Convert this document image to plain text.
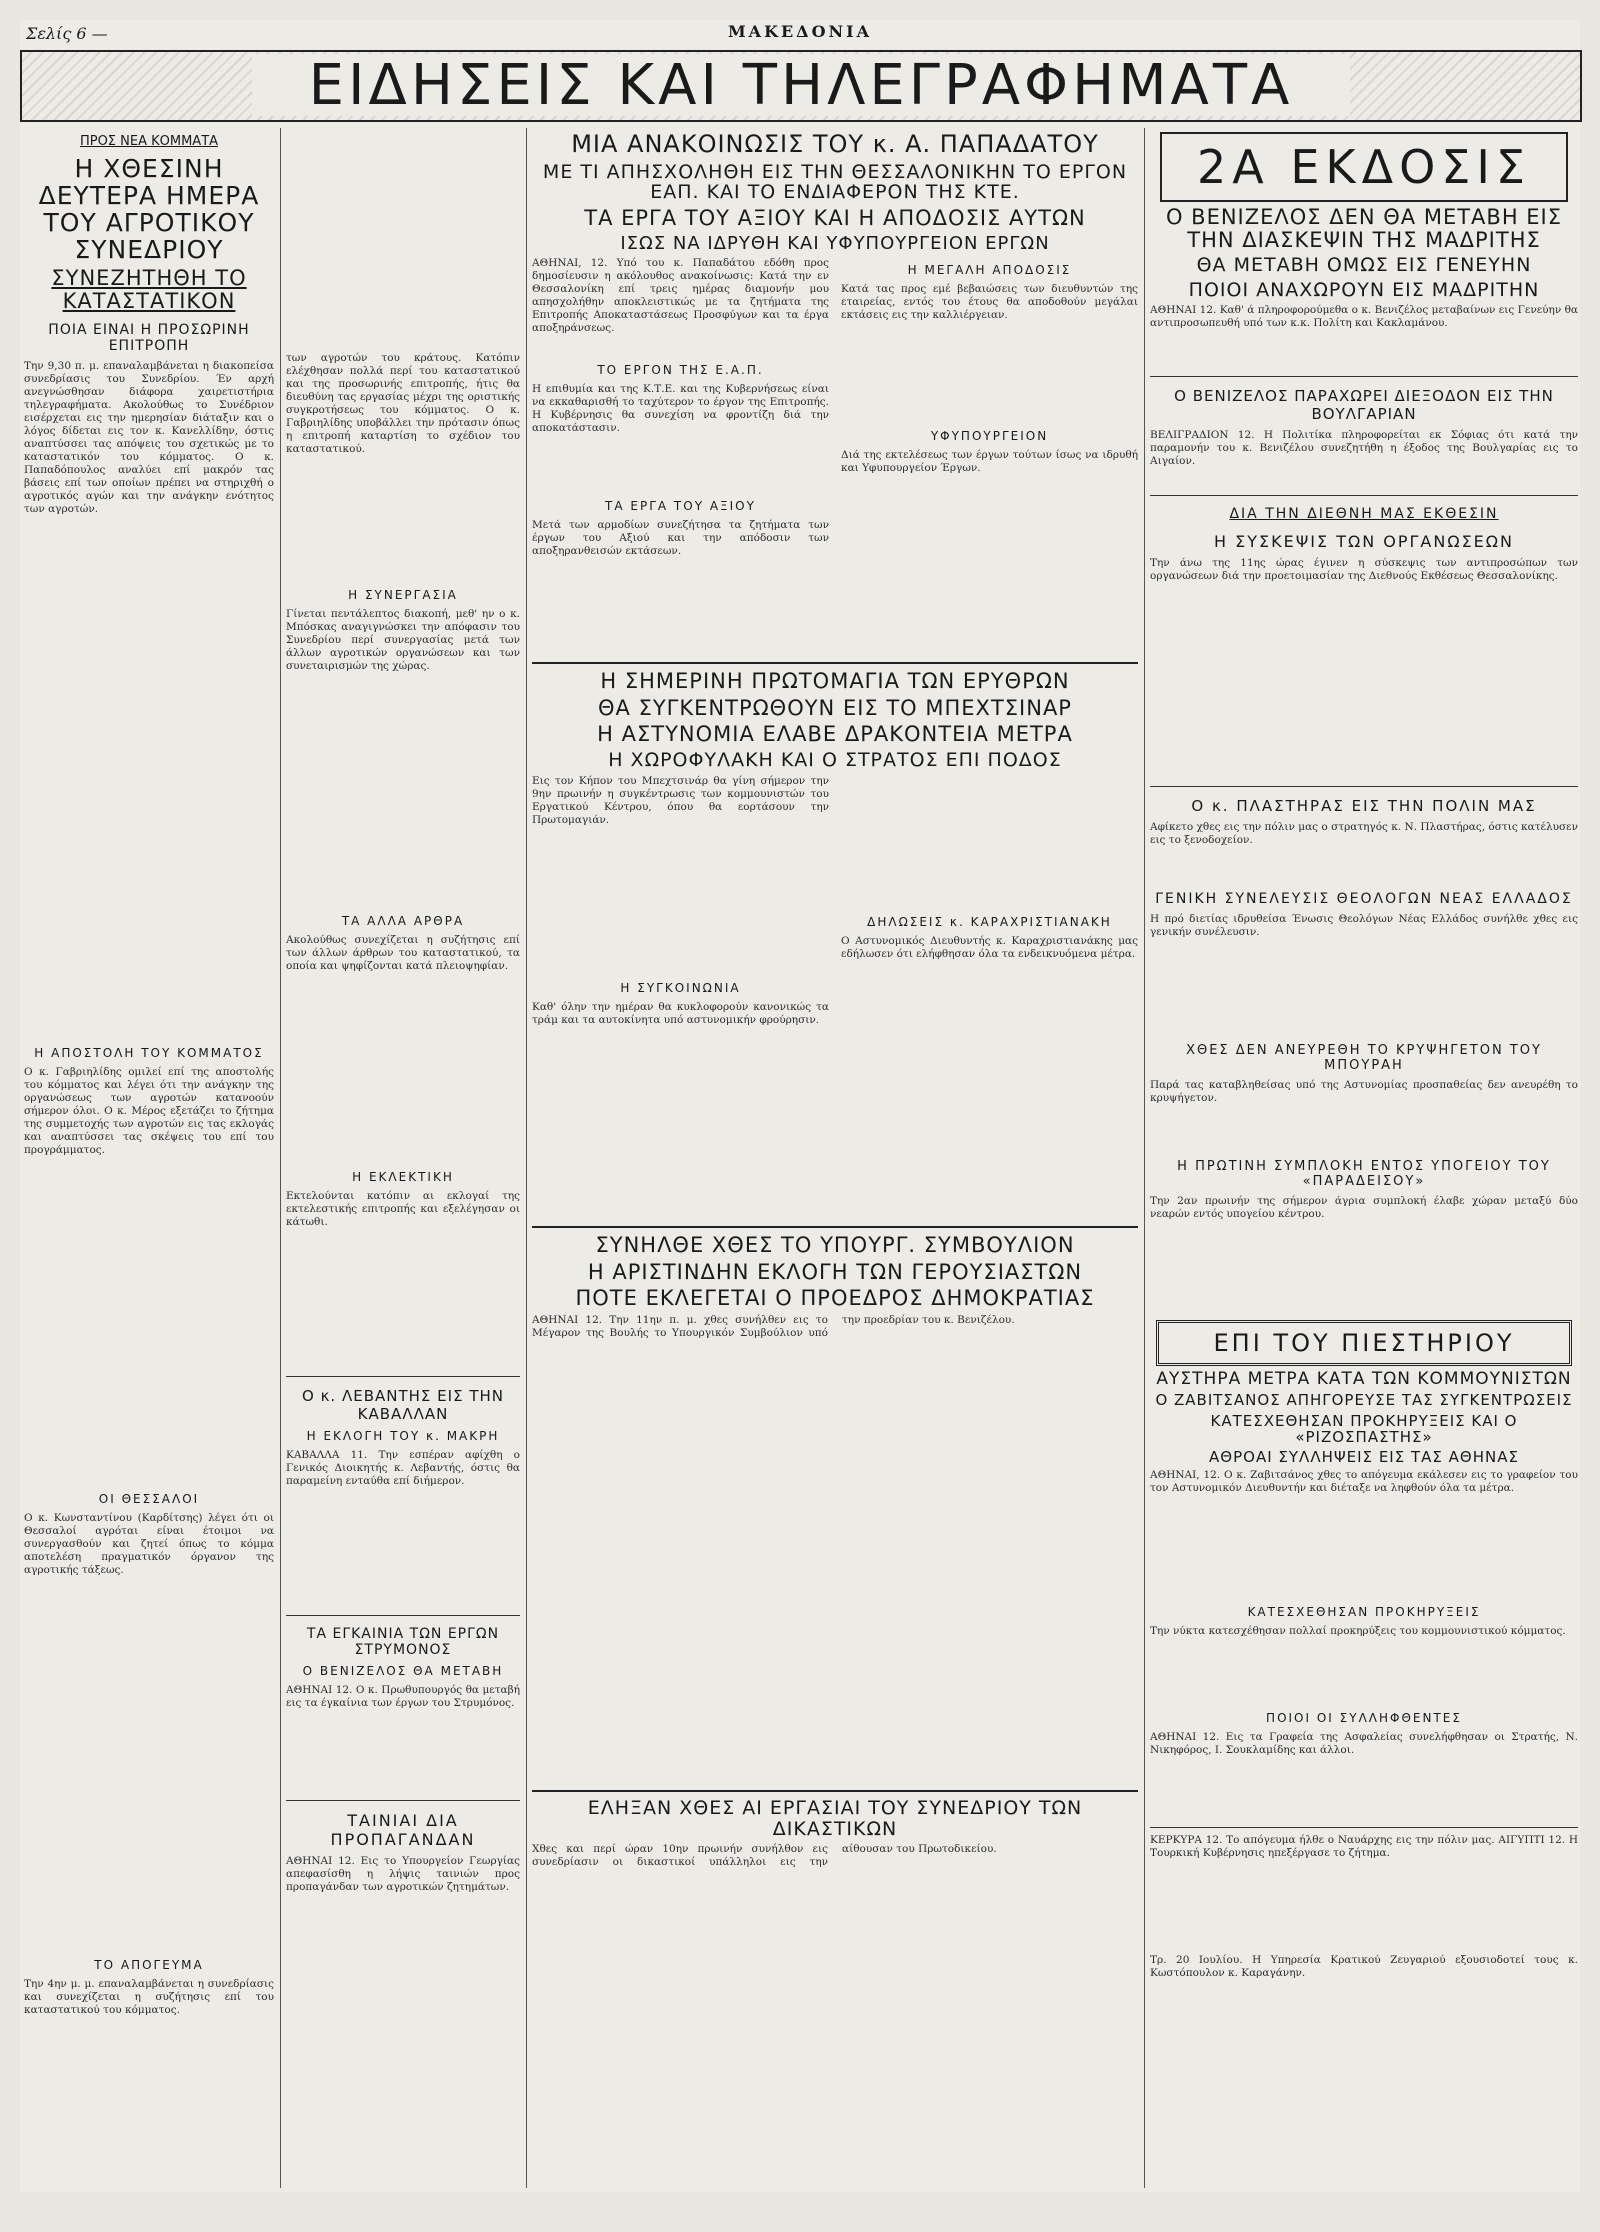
Σελίς 6 —	ΜΑΚΕΔΟΝΙΑ
ΕΙΔΗΣΕΙΣ ΚΑΙ ΤΗΛΕΓΡΑΦΗΜΑΤΑ
ΠΡΟΣ ΝΕΑ ΚΟΜΜΑΤΑ
Η ΧΘΕΣΙΝΗ ΔΕΥΤΕΡΑ ΗΜΕΡΑ ΤΟΥ ΑΓΡΟΤΙΚΟΥ ΣΥΝΕΔΡΙΟΥ
ΣΥΝΕΖΗΤΗΘΗ ΤΟ ΚΑΤΑΣΤΑΤΙΚΟΝ
ΠΟΙΑ ΕΙΝΑΙ Η ΠΡΟΣΩΡΙΝΗ ΕΠΙΤΡΟΠΗ
Την 9,30 π. μ. επαναλαμβάνεται η διακοπείσα συνεδρίασις του Συνεδρίου. Έν αρχή ανεγνώσθησαν διάφορα χαιρετιστήρια τηλεγραφήματα. Ακολούθως το Συνέδριον εισέρχεται εις την ημερησίαν διάταξιν και ο λόγος δίδεται εις τον κ. Κανελλίδην, όστις αναπτύσσει τας απόψεις του σχετικώς με το καταστατικόν του κόμματος. Ο κ. Παπαδόπουλος αναλύει επί μακρόν τας βάσεις επί των οποίων πρέπει να στηριχθή ο αγροτικός αγών και την ανάγκην ενότητος των αγροτών.
Η ΑΠΟΣΤΟΛΗ ΤΟΥ ΚΟΜΜΑΤΟΣ
Ο κ. Γαβριηλίδης ομιλεί επί της αποστολής του κόμματος και λέγει ότι την ανάγκην της οργανώσεως των αγροτών κατανοούν σήμερον όλοι. Ο κ. Μέρος εξετάζει το ζήτημα της συμμετοχής των αγροτών εις τας εκλογάς και αναπτύσσει τας σκέψεις του επί του προγράμματος.
ΟΙ ΘΕΣΣΑΛΟΙ
Ο κ. Κωνσταντίνου (Καρδίτσης) λέγει ότι οι Θεσσαλοί αγρόται είναι έτοιμοι να συνεργασθούν και ζητεί όπως το κόμμα αποτελέση πραγματικόν όργανον της αγροτικής τάξεως.
ΤΟ ΑΠΟΓΕΥΜΑ
Την 4ην μ. μ. επαναλαμβάνεται η συνεδρίασις και συνεχίζεται η συζήτησις επί του καταστατικού του κόμματος.
των αγροτών του κράτους. Κατόπιν ελέχθησαν πολλά περί του καταστατικού και της προσωρινής επιτροπής, ήτις θα διευθύνη τας εργασίας μέχρι της οριστικής συγκροτήσεως του κόμματος. Ο κ. Γαβριηλίδης υποβάλλει την πρότασιν όπως η επιτροπή καταρτίση το σχέδιον του καταστατικού.
Η ΣΥΝΕΡΓΑΣΙΑ
Γίνεται πεντάλεπτος διακοπή, μεθ' ην ο κ. Μπόσκας αναγιγνώσκει την απόφασιν του Συνεδρίου περί συνεργασίας μετά των άλλων αγροτικών οργανώσεων και των συνεταιρισμών της χώρας.
ΤΑ ΑΛΛΑ ΑΡΘΡΑ
Ακολούθως συνεχίζεται η συζήτησις επί των άλλων άρθρων του καταστατικού, τα οποία και ψηφίζονται κατά πλειοψηφίαν.
Η ΕΚΛΕΚΤΙΚΗ
Εκτελούνται κατόπιν αι εκλογαί της εκτελεστικής επιτροπής και εξελέγησαν οι κάτωθι.
Ο κ. ΛΕΒΑΝΤΗΣ ΕΙΣ ΤΗΝ ΚΑΒΑΛΛΑΝ
Η ΕΚΛΟΓΗ ΤΟΥ κ. ΜΑΚΡΗ
ΚΑΒΑΛΛΑ 11. Την εσπέραν αφίχθη ο Γενικός Διοικητής κ. Λεβαντής, όστις θα παραμείνη ενταύθα επί διήμερον.
ΤΑ ΕΓΚΑΙΝΙΑ ΤΩΝ ΕΡΓΩΝ ΣΤΡΥΜΟΝΟΣ
Ο ΒΕΝΙΖΕΛΟΣ ΘΑ ΜΕΤΑΒΗ
ΑΘΗΝΑΙ 12. Ο κ. Πρωθυπουργός θα μεταβή εις τα έγκαίνια των έργων του Στρυμόνος.
ΤΑΙΝΙΑΙ ΔΙΑ ΠΡΟΠΑΓΑΝΔΑΝ
ΑΘΗΝΑΙ 12. Εις το Υπουργείον Γεωργίας απεφασίσθη η λήψις ταινιών προς προπαγάνδαν των αγροτικών ζητημάτων.
ΜΙΑ ΑΝΑΚΟΙΝΩΣΙΣ ΤΟΥ κ. Α. ΠΑΠΑΔΑΤΟΥ
ΜΕ ΤΙ ΑΠΗΣΧΟΛΗΘΗ ΕΙΣ ΤΗΝ ΘΕΣΣΑΛΟΝΙΚΗΝ ΤΟ ΕΡΓΟΝ ΕΑΠ. ΚΑΙ ΤΟ ΕΝΔΙΑΦΕΡΟΝ ΤΗΣ ΚΤΕ.
ΤΑ ΕΡΓΑ ΤΟΥ ΑΞΙΟΥ ΚΑΙ Η ΑΠΟΔΟΣΙΣ ΑΥΤΩΝ
ΙΣΩΣ ΝΑ ΙΔΡΥΘΗ ΚΑΙ ΥΦΥΠΟΥΡΓΕΙΟΝ ΕΡΓΩΝ
ΑΘΗΝΑΙ, 12. Υπό του κ. Παπαδάτου εδόθη προς δημοσίευσιν η ακόλουθος ανακοίνωσις: Κατά την εν Θεσσαλονίκη επί τρεις ημέρας διαμονήν μου απησχολήθην αποκλειστικώς με τα ζητήματα της Επιτροπής Αποκαταστάσεως Προσφύγων και τα έργα αποξηράνσεως.
ΤΟ ΕΡΓΟΝ ΤΗΣ Ε.Α.Π.
Η επιθυμία και της Κ.Τ.Ε. και της Κυβερνήσεως είναι να εκκαθαρισθή το ταχύτερον το έργον της Επιτροπής. Η Κυβέρνησις θα συνεχίση να φροντίζη διά την αποκατάστασιν.
ΤΑ ΕΡΓΑ ΤΟΥ ΑΞΙΟΥ
Μετά των αρμοδίων συνεζήτησα τα ζητήματα των έργων του Αξιού και την απόδοσιν των αποξηρανθεισών εκτάσεων.
Η ΜΕΓΑΛΗ ΑΠΟΔΟΣΙΣ
Κατά τας προς εμέ βεβαιώσεις των διευθυντών της εταιρείας, εντός του έτους θα αποδοθούν μεγάλαι εκτάσεις εις την καλλιέργειαν.
ΥΦΥΠΟΥΡΓΕΙΟΝ
Διά της εκτελέσεως των έργων τούτων ίσως να ιδρυθή και Υφυπουργείον Έργων.
2Α ΕΚΔΟΣΙΣ
Ο ΒΕΝΙΖΕΛΟΣ ΔΕΝ ΘΑ ΜΕΤΑΒΗ ΕΙΣ ΤΗΝ ΔΙΑΣΚΕΨΙΝ ΤΗΣ ΜΑΔΡΙΤΗΣ
ΘΑ ΜΕΤΑΒΗ ΟΜΩΣ ΕΙΣ ΓΕΝΕΥΗΝ
ΠΟΙΟΙ ΑΝΑΧΩΡΟΥΝ ΕΙΣ ΜΑΔΡΙΤΗΝ
ΑΘΗΝΑΙ 12. Καθ' ά πληροφορούμεθα ο κ. Βενιζέλος μεταβαίνων εις Γενεύην θα αντιπροσωπευθή υπό των κ.κ. Πολίτη και Κακλαμάνου.
Ο ΒΕΝΙΖΕΛΟΣ ΠΑΡΑΧΩΡΕΙ ΔΙΕΞΟΔΟΝ ΕΙΣ ΤΗΝ ΒΟΥΛΓΑΡΙΑΝ
ΒΕΛΙΓΡΑΔΙΟΝ 12. Η Πολιτίκα πληροφορείται εκ Σόφιας ότι κατά την παραμονήν του κ. Βενιζέλου συνεζητήθη η έξοδος της Βουλγαρίας εις το Αιγαίον.
ΔΙΑ ΤΗΝ ΔΙΕΘΝΗ ΜΑΣ ΕΚΘΕΣΙΝ
Η ΣΥΣΚΕΨΙΣ ΤΩΝ ΟΡΓΑΝΩΣΕΩΝ
Την άνω της 11ης ώρας έγινεν η σύσκεψις των αντιπροσώπων των οργανώσεων διά την προετοιμασίαν της Διεθνούς Εκθέσεως Θεσσαλονίκης.
Η ΣΗΜΕΡΙΝΗ ΠΡΩΤΟΜΑΓΙΑ ΤΩΝ ΕΡΥΘΡΩΝ
ΘΑ ΣΥΓΚΕΝΤΡΩΘΟΥΝ ΕΙΣ ΤΟ ΜΠΕΧΤΣΙΝΑΡ
Η ΑΣΤΥΝΟΜΙΑ ΕΛΑΒΕ ΔΡΑΚΟΝΤΕΙΑ ΜΕΤΡΑ
Η ΧΩΡΟΦΥΛΑΚΗ ΚΑΙ Ο ΣΤΡΑΤΟΣ ΕΠΙ ΠΟΔΟΣ
Εις τον Κήπον του Μπεχτσινάρ θα γίνη σήμερον την 9ην πρωινήν η συγκέντρωσις των κομμουνιστών του Εργατικού Κέντρου, όπου θα εορτάσουν την Πρωτομαγιάν.
Η ΣΥΓΚΟΙΝΩΝΙΑ
Καθ' όλην την ημέραν θα κυκλοφορούν κανονικώς τα τράμ και τα αυτοκίνητα υπό αστυνομικήν φρούρησιν.
ΔΗΛΩΣΕΙΣ κ. ΚΑΡΑΧΡΙΣΤΙΑΝΑΚΗ
Ο Αστυνομικός Διευθυντής κ. Καραχριστιανάκης μας εδήλωσεν ότι ελήφθησαν όλα τα ενδεικνυόμενα μέτρα.
ΣΥΝΗΛΘΕ ΧΘΕΣ ΤΟ ΥΠΟΥΡΓ. ΣΥΜΒΟΥΛΙΟΝ
Η ΑΡΙΣΤΙΝΔΗΝ ΕΚΛΟΓΗ ΤΩΝ ΓΕΡΟΥΣΙΑΣΤΩΝ
ΠΟΤΕ ΕΚΛΕΓΕΤΑΙ Ο ΠΡΟΕΔΡΟΣ ΔΗΜΟΚΡΑΤΙΑΣ
ΑΘΗΝΑΙ 12. Την 11ην π. μ. χθες συνήλθεν εις το Μέγαρον της Βουλής το Υπουργικόν Συμβούλιον υπό την προεδρίαν του κ. Βενιζέλου.
ΕΛΗΞΑΝ ΧΘΕΣ ΑΙ ΕΡΓΑΣΙΑΙ ΤΟΥ ΣΥΝΕΔΡΙΟΥ ΤΩΝ ΔΙΚΑΣΤΙΚΩΝ
Χθες και περί ώραν 10ην πρωινήν συνήλθον εις συνεδρίασιν οι δικαστικοί υπάλληλοι εις την αίθουσαν του Πρωτοδικείου.
Ο κ. ΠΛΑΣΤΗΡΑΣ ΕΙΣ ΤΗΝ ΠΟΛΙΝ ΜΑΣ
Αφίκετο χθες εις την πόλιν μας ο στρατηγός κ. Ν. Πλαστήρας, όστις κατέλυσεν εις το ξενοδοχείον.
ΓΕΝΙΚΗ ΣΥΝΕΛΕΥΣΙΣ ΘΕΟΛΟΓΩΝ ΝΕΑΣ ΕΛΛΑΔΟΣ
Η πρό διετίας ιδρυθείσα Ένωσις Θεολόγων Νέας Ελλάδος συνήλθε χθες εις γενικήν συνέλευσιν.
ΧΘΕΣ ΔΕΝ ΑΝΕΥΡΕΘΗ ΤΟ ΚΡΥΨΗΓΕΤΟΝ ΤΟΥ ΜΠΟΥΡΑΗ
Παρά τας καταβληθείσας υπό της Αστυνομίας προσπαθείας δεν ανευρέθη το κρυψήγετον.
Η ΠΡΩΤΙΝΗ ΣΥΜΠΛΟΚΗ ΕΝΤΟΣ ΥΠΟΓΕΙΟΥ ΤΟΥ «ΠΑΡΑΔΕΙΣΟΥ»
Την 2αν πρωινήν της σήμερον άγρια συμπλοκή έλαβε χώραν μεταξύ δύο νεαρών εντός υπογείου κέντρου.
ΕΠΙ ΤΟΥ ΠΙΕΣΤΗΡΙΟΥ
ΑΥΣΤΗΡΑ ΜΕΤΡΑ ΚΑΤΑ ΤΩΝ ΚΟΜΜΟΥΝΙΣΤΩΝ
Ο ΖΑΒΙΤΣΑΝΟΣ ΑΠΗΓΟΡΕΥΣΕ ΤΑΣ ΣΥΓΚΕΝΤΡΩΣΕΙΣ
ΚΑΤΕΣΧΕΘΗΣΑΝ ΠΡΟΚΗΡΥΞΕΙΣ ΚΑΙ Ο «ΡΙΖΟΣΠΑΣΤΗΣ»
ΑΘΡΟΑΙ ΣΥΛΛΗΨΕΙΣ ΕΙΣ ΤΑΣ ΑΘΗΝΑΣ
ΑΘΗΝΑΙ, 12. Ο κ. Ζαβιτσάνος χθες το απόγευμα εκάλεσεν εις το γραφείον του τον Αστυνομικόν Διευθυντήν και διέταξε να ληφθούν όλα τα μέτρα.
ΚΑΤΕΣΧΕΘΗΣΑΝ ΠΡΟΚΗΡΥΞΕΙΣ
Την νύκτα κατεσχέθησαν πολλαί προκηρύξεις του κομμουνιστικού κόμματος.
ΠΟΙΟΙ ΟΙ ΣΥΛΛΗΦΘΕΝΤΕΣ
ΑΘΗΝΑΙ 12. Εις τα Γραφεία της Ασφαλείας συνελήφθησαν οι Στρατής, Ν. Νικηφόρος, Ι. Σουκλαμίδης και άλλοι.
ΚΕΡΚΥΡΑ 12. Το απόγευμα ήλθε ο Ναυάρχης εις την πόλιν μας. ΑΙΓΥΠΤΙ 12. Η Τουρκική Κυβέρνησις ηπεξέργασε το ζήτημα.
Τρ. 20 Ιουλίου. Η Υπηρεσία Κρατικού Ζευγαριού εξουσιοδοτεί τους κ. Κωστόπουλον κ. Καραγάνην.
